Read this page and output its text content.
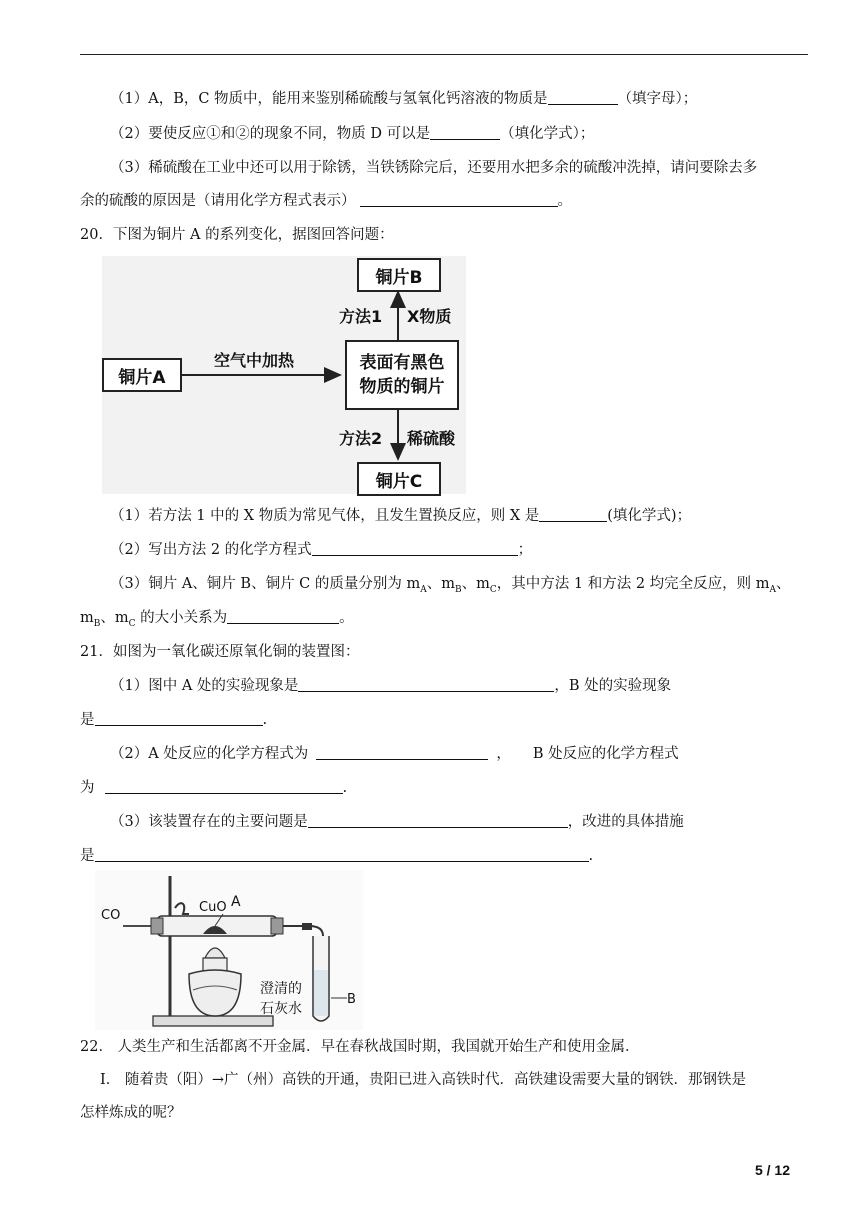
（1）A，B，C 物质中，能用来鉴别稀硫酸与氢氧化钙溶液的物质是	（填字母）；
（2）要使反应①和②的现象不同，物质 D 可以是	（填化学式）；
（3）稀硫酸在工业中还可以用于除锈，当铁锈除完后，还要用水把多余的硫酸冲洗掉，请问要除去多
余的硫酸的原因是（请用化学方程式表示）	。
20．下图为铜片 A 的系列变化，据图回答问题：
铜片A
铜片B
铜片C
表面有黑色
物质的铜片
空气中加热
方法1 X物质
方法2 稀硫酸
（1）若方法 1 中的 X 物质为常见气体，且发生置换反应，则 X 是	(填化学式)；
（2）写出方法 2 的化学方程式	；
（3）铜片 A、铜片 B、铜片 C 的质量分别为 $m_A$、$m_B$、$m_C$，其中方法 1 和方法 2 均完全反应，则 $m_A$、
$m_B$、$m_C$ 的大小关系为	。
21．如图为一氧化碳还原氧化铜的装置图：
（1）图中 A 处的实验现象是	，B 处的实验现象
是	.
（2）A 处反应的化学方程式为	， B 处反应的化学方程式
为	.
（3）该装置存在的主要问题是	，改进的具体措施
是	.
CO
CuO A
B
澄清的
石灰水
22． 人类生产和生活都离不开金属．早在春秋战国时期，我国就开始生产和使用金属．
I． 随着贵（阳）→广（州）高铁的开通，贵阳已进入高铁时代．高铁建设需要大量的钢铁．那钢铁是
怎样炼成的呢？
5 / 12
